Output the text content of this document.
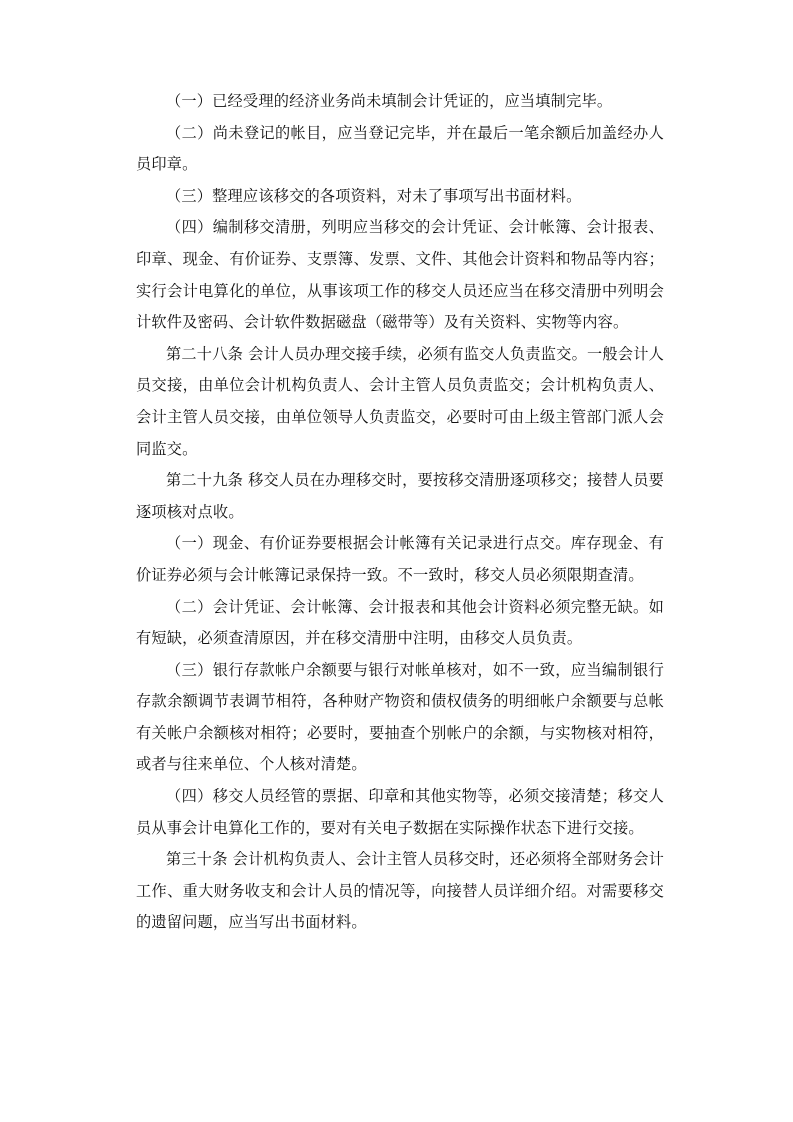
（一）已经受理的经济业务尚未填制会计凭证的，应当填制完毕。

（二）尚未登记的帐目，应当登记完毕，并在最后一笔余额后加盖经办人员印章。

（三）整理应该移交的各项资料，对未了事项写出书面材料。

（四）编制移交清册，列明应当移交的会计凭证、会计帐簿、会计报表、印章、现金、有价证券、支票簿、发票、文件、其他会计资料和物品等内容；实行会计电算化的单位，从事该项工作的移交人员还应当在移交清册中列明会计软件及密码、会计软件数据磁盘（磁带等）及有关资料、实物等内容。

第二十八条 会计人员办理交接手续，必须有监交人负责监交。一般会计人员交接，由单位会计机构负责人、会计主管人员负责监交；会计机构负责人、会计主管人员交接，由单位领导人负责监交，必要时可由上级主管部门派人会同监交。

第二十九条 移交人员在办理移交时，要按移交清册逐项移交；接替人员要逐项核对点收。

（一）现金、有价证券要根据会计帐簿有关记录进行点交。库存现金、有价证券必须与会计帐簿记录保持一致。不一致时，移交人员必须限期查清。

（二）会计凭证、会计帐簿、会计报表和其他会计资料必须完整无缺。如有短缺，必须查清原因，并在移交清册中注明，由移交人员负责。

（三）银行存款帐户余额要与银行对帐单核对，如不一致，应当编制银行存款余额调节表调节相符，各种财产物资和债权债务的明细帐户余额要与总帐有关帐户余额核对相符；必要时，要抽查个别帐户的余额，与实物核对相符，或者与往来单位、个人核对清楚。

（四）移交人员经管的票据、印章和其他实物等，必须交接清楚；移交人员从事会计电算化工作的，要对有关电子数据在实际操作状态下进行交接。

第三十条 会计机构负责人、会计主管人员移交时，还必须将全部财务会计工作、重大财务收支和会计人员的情况等，向接替人员详细介绍。对需要移交的遗留问题，应当写出书面材料。
